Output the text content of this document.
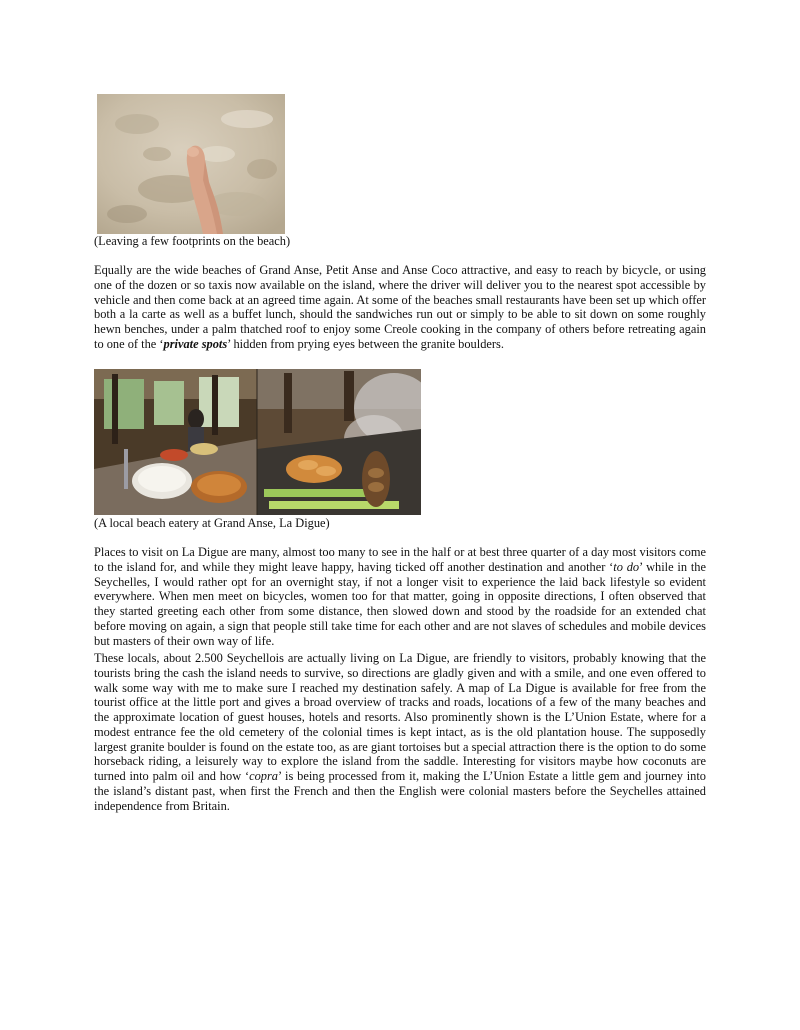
(Leaving a few footprints on the beach)

Equally are the wide beaches of Grand Anse, Petit Anse and Anse Coco attractive, and easy to reach by bicycle, or using one of the dozen or so taxis now available on the island, where the driver will deliver you to the nearest spot accessible by vehicle and then come back at an agreed time again. At some of the beaches small restaurants have been set up which offer both a la carte as well as a buffet lunch, should the sandwiches run out or simply to be able to sit down on some roughly hewn benches, under a palm thatched roof to enjoy some Creole cooking in the company of others before retreating again to one of the ‘private spots’ hidden from prying eyes between the granite boulders.

(A local beach eatery at Grand Anse, La Digue)

Places to visit on La Digue are many, almost too many to see in the half or at best three quarter of a day most visitors come to the island for, and while they might leave happy, having ticked off another destination and another ‘to do’ while in the Seychelles, I would rather opt for an overnight stay, if not a longer visit to experience the laid back lifestyle so evident everywhere. When men meet on bicycles, women too for that matter, going in opposite directions, I often observed that they started greeting each other from some distance, then slowed down and stood by the roadside for an extended chat before moving on again, a sign that people still take time for each other and are not slaves of schedules and mobile devices but masters of their own way of life.

These locals, about 2.500 Seychellois are actually living on La Digue, are friendly to visitors, probably knowing that the tourists bring the cash the island needs to survive, so directions are gladly given and with a smile, and one even offered to walk some way with me to make sure I reached my destination safely. A map of La Digue is available for free from the tourist office at the little port and gives a broad overview of tracks and roads, locations of a few of the many beaches and the approximate location of guest houses, hotels and resorts. Also prominently shown is the L’Union Estate, where for a modest entrance fee the old cemetery of the colonial times is kept intact, as is the old plantation house. The supposedly largest granite boulder is found on the estate too, as are giant tortoises but a special attraction there is the option to do some horseback riding, a leisurely way to explore the island from the saddle. Interesting for visitors maybe how coconuts are turned into palm oil and how ‘copra’ is being processed from it, making the L’Union Estate a little gem and journey into the island’s distant past, when first the French and then the English were colonial masters before the Seychelles attained independence from Britain.
